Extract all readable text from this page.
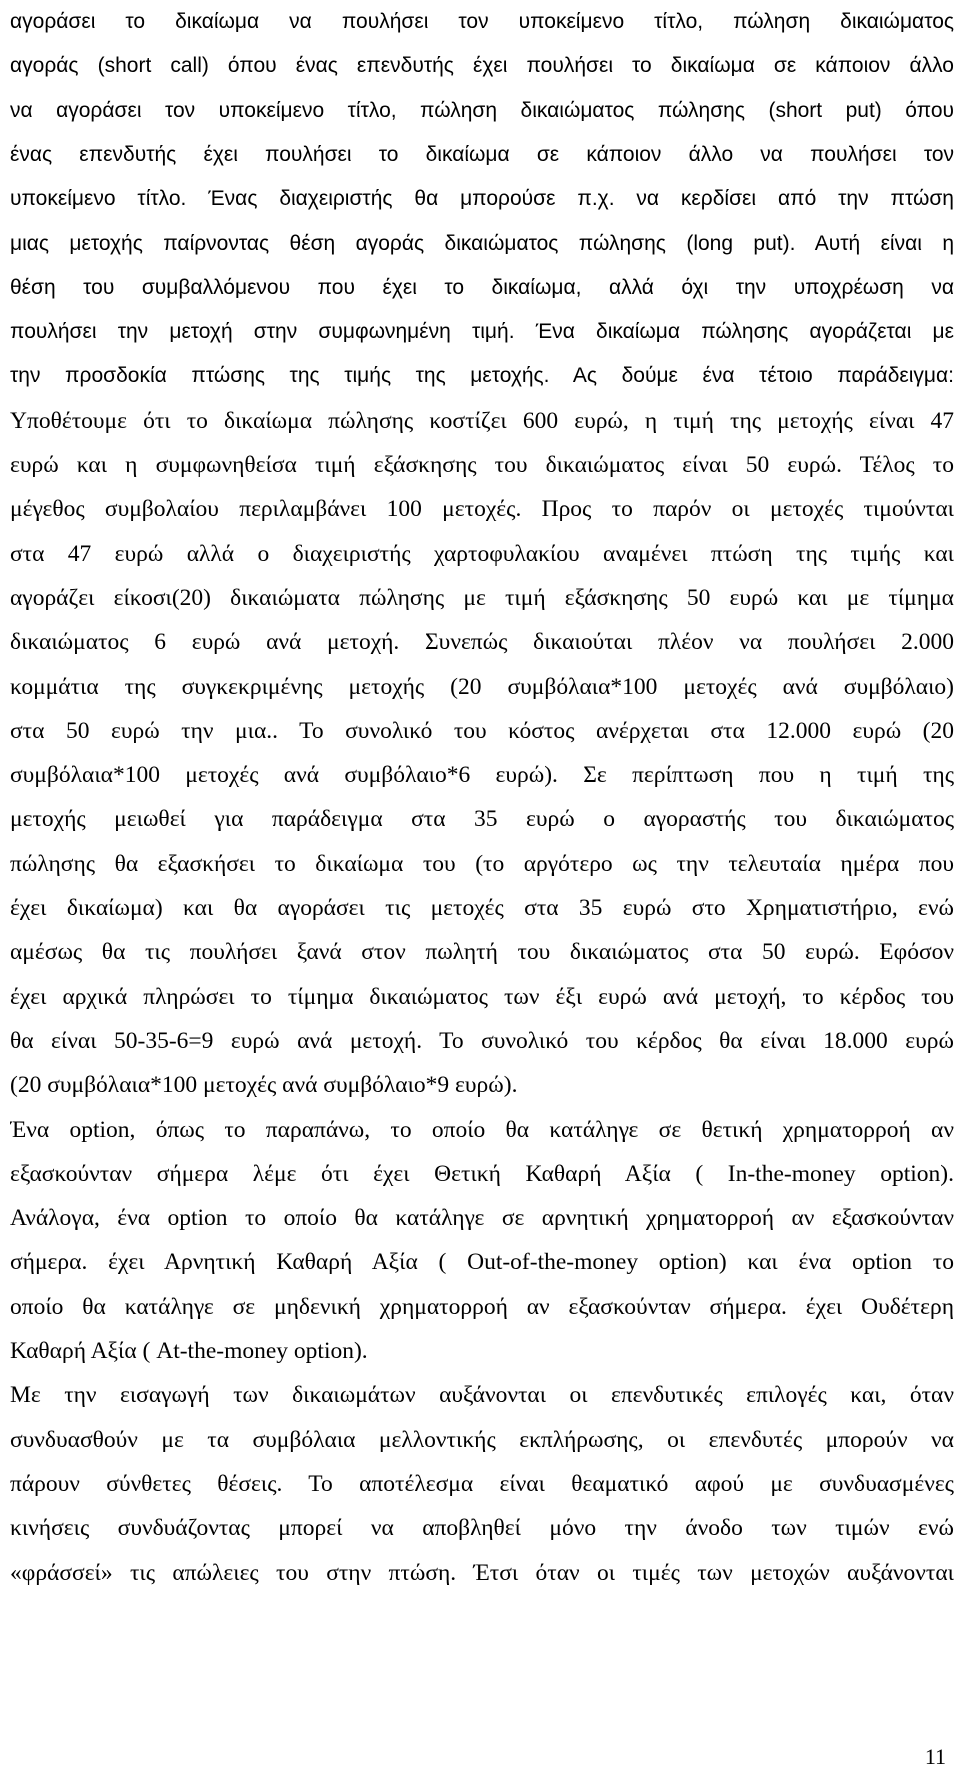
αγοράσει το δικαίωμα να πουλήσει τον υποκείμενο τίτλο, πώληση δικαιώματος
αγοράς (short call) όπου ένας επενδυτής έχει πουλήσει το δικαίωμα σε κάποιον άλλο
να αγοράσει τον υποκείμενο τίτλο, πώληση δικαιώματος πώλησης (short put) όπου
ένας επενδυτής έχει πουλήσει το δικαίωμα σε κάποιον άλλο να πουλήσει τον
υποκείμενο τίτλο. Ένας διαχειριστής θα μπορούσε π.χ. να κερδίσει από την πτώση
μιας μετοχής παίρνοντας θέση αγοράς δικαιώματος πώλησης (long put). Αυτή είναι η
θέση του συμβαλλόμενου που έχει το δικαίωμα, αλλά όχι την υποχρέωση να
πουλήσει την μετοχή στην συμφωνημένη τιμή. Ένα δικαίωμα πώλησης αγοράζεται με
την προσδοκία πτώσης της τιμής της μετοχής. Ας δούμε ένα τέτοιο παράδειγμα:
Υποθέτουμε ότι το δικαίωμα πώλησης κοστίζει 600 ευρώ, η τιμή της μετοχής είναι 47
ευρώ και η συμφωνηθείσα τιμή εξάσκησης του δικαιώματος είναι 50 ευρώ. Τέλος το
μέγεθος συμβολαίου περιλαμβάνει 100 μετοχές. Προς το παρόν οι μετοχές τιμούνται
στα 47 ευρώ αλλά ο διαχειριστής χαρτοφυλακίου αναμένει πτώση της τιμής και
αγοράζει είκοσι(20) δικαιώματα πώλησης με τιμή εξάσκησης 50 ευρώ και με τίμημα
δικαιώματος 6 ευρώ ανά μετοχή. Συνεπώς δικαιούται πλέον να πουλήσει 2.000
κομμάτια της συγκεκριμένης μετοχής (20 συμβόλαια*100 μετοχές ανά συμβόλαιο)
στα 50 ευρώ την μια.. Το συνολικό του κόστος ανέρχεται στα 12.000 ευρώ (20
συμβόλαια*100 μετοχές ανά συμβόλαιο*6 ευρώ). Σε περίπτωση που η τιμή της
μετοχής μειωθεί για παράδειγμα στα 35 ευρώ ο αγοραστής του δικαιώματος
πώλησης θα εξασκήσει το δικαίωμα του (το αργότερο ως την τελευταία ημέρα που
έχει δικαίωμα) και θα αγοράσει τις μετοχές στα 35 ευρώ στο Χρηματιστήριο, ενώ
αμέσως θα τις πουλήσει ξανά στον πωλητή του δικαιώματος στα 50 ευρώ. Εφόσον
έχει αρχικά πληρώσει το τίμημα δικαιώματος των έξι ευρώ ανά μετοχή, το κέρδος του
θα είναι 50-35-6=9 ευρώ ανά μετοχή. Το συνολικό του κέρδος θα είναι 18.000 ευρώ
(20 συμβόλαια*100 μετοχές ανά συμβόλαιο*9 ευρώ).
Ένα option, όπως το παραπάνω, το οποίο θα κατάληγε σε θετική χρηματορροή αν
εξασκούνταν σήμερα λέμε ότι έχει Θετική Καθαρή Αξία ( In-the-money option).
Ανάλογα, ένα option το οποίο θα κατάληγε σε αρνητική χρηματορροή αν εξασκούνταν
σήμερα. έχει Αρνητική Καθαρή Αξία ( Out-of-the-money option) και ένα option το
οποίο θα κατάληγε σε μηδενική χρηματορροή αν εξασκούνταν σήμερα. έχει Ουδέτερη
Καθαρή Αξία ( At-the-money option).
Με την εισαγωγή των δικαιωμάτων αυξάνονται οι επενδυτικές επιλογές και, όταν
συνδυασθούν με τα συμβόλαια μελλοντικής εκπλήρωσης, οι επενδυτές μπορούν να
πάρουν σύνθετες θέσεις. Το αποτέλεσμα είναι θεαματικό αφού με συνδυασμένες
κινήσεις συνδυάζοντας μπορεί να αποβληθεί μόνο την άνοδο των τιμών ενώ
«φράσσεί» τις απώλειες του στην πτώση. Έτσι όταν οι τιμές των μετοχών αυξάνονται
11
